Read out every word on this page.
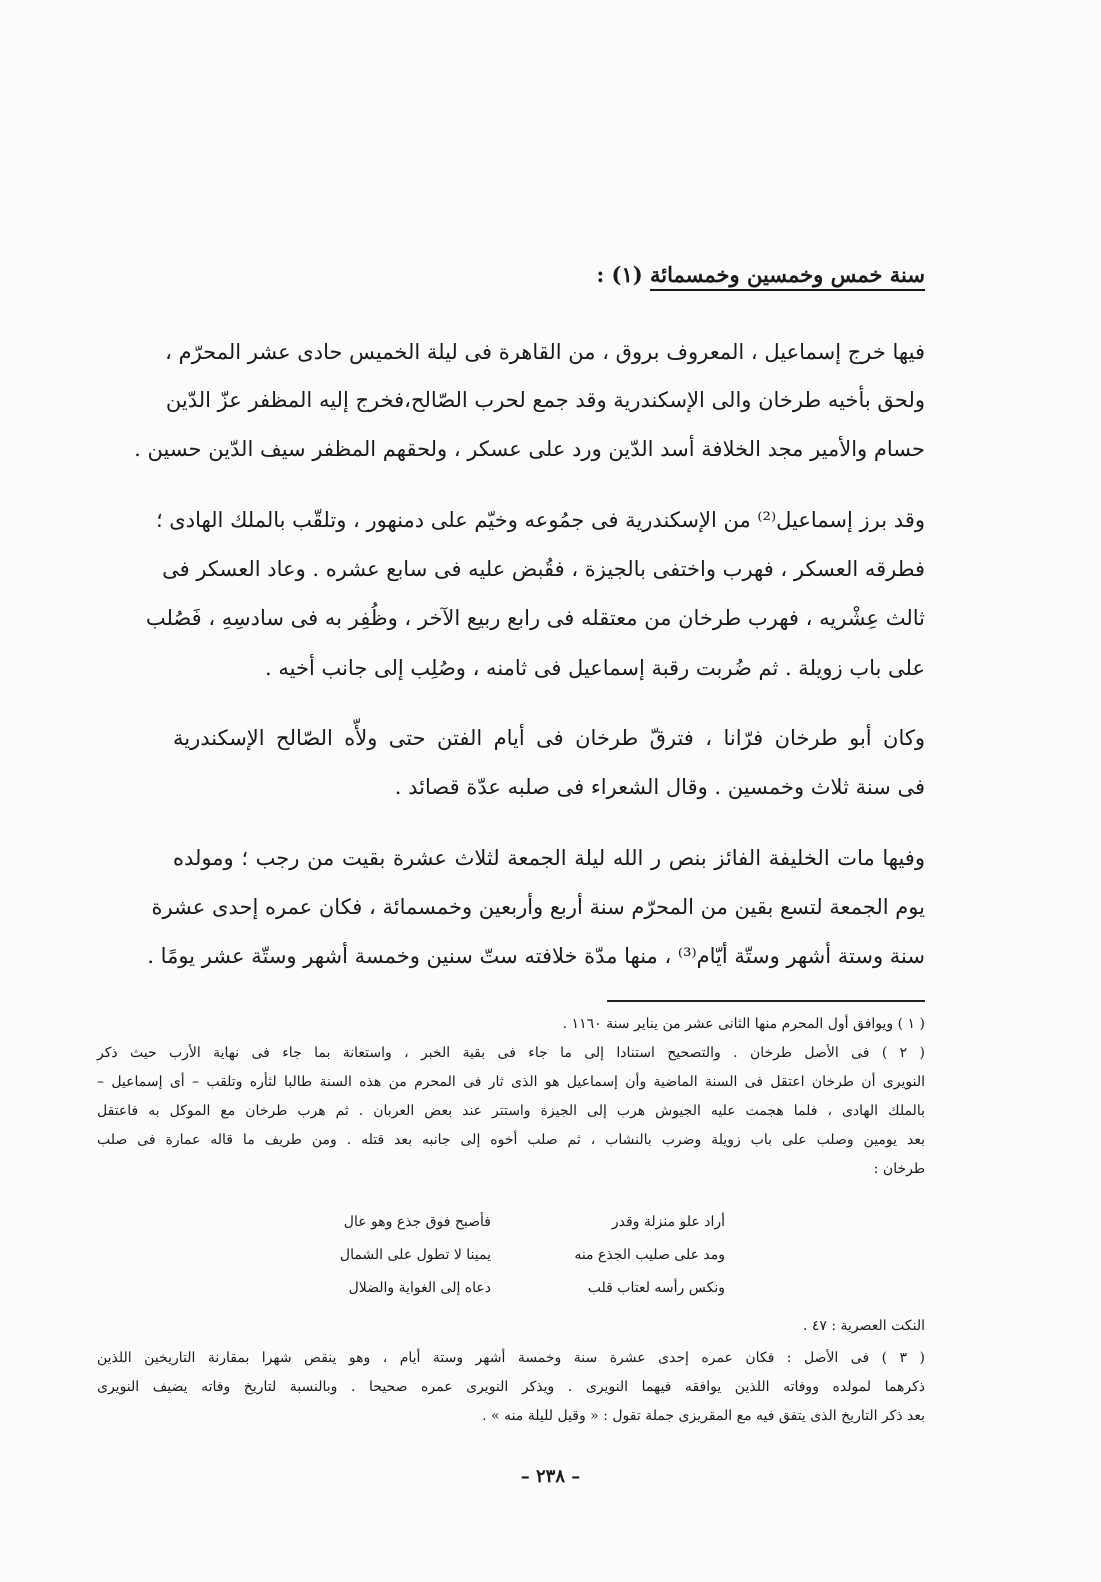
سنة خمس وخمسين وخمسمائة (١) :

فيها خرج إسماعيل ، المعروف بروق ، من القاهرة فى ليلة الخميس حادى عشر المحرّم ،

ولحق بأخيه طرخان والى الإسكندرية وقد جمع لحرب الصّالح،فخرج إليه المظفر عزّ الدّين

حسام والأمير مجد الخلافة أسد الدّين ورد على عسكر ، ولحقهم المظفر سيف الدّين حسين .

وقد برز إسماعيل⁽²⁾ من الإسكندرية فى جمُوعه وخيّم على دمنهور ، وتلقّب بالملك الهادى ؛

فطرقه العسكر ، فهرب واختفى بالجيزة ، فقُبض عليه فى سابع عشره . وعاد العسكر فى

ثالث عِشْريه ، فهرب طرخان من معتقله فى رابع ربيع الآخر ، وظُفِر به فى سادسِهِ ، فَصُلب

على باب زويلة . ثم ضُربت رقبة إسماعيل فى ثامنه ، وصُلِب إلى جانب أخيه .

وكان أبو طرخان فرّانا ، فترقّ طرخان فى أيام الفتن حتى ولأّه الصّالح الإسكندرية

فى سنة ثلاث وخمسين . وقال الشعراء فى صلبه عدّة قصائد .

وفيها مات الخليفة الفائز بنص ر الله ليلة الجمعة لثلاث عشرة بقيت من رجب ؛ ومولده

يوم الجمعة لتسع بقين من المحرّم سنة أربع وأربعين وخمسمائة ، فكان عمره إحدى عشرة

سنة وستة أشهر وستّة أيّام⁽³⁾ ، منها مدّة خلافته ستّ سنين وخمسة أشهر وستّة عشر يومًا .

( ١ ) ويوافق أول المحرم منها الثانى عشر من يناير سنة ١١٦٠ .

( ٢ ) فى الأصل طرخان . والتصحيح استنادا إلى ما جاء فى بقية الخبر ، واستعانة بما جاء فى نهاية الأرب حيث ذكر

النويرى أن طرخان اعتقل فى السنة الماضية وأن إسماعيل هو الذى ثار فى المحرم من هذه السنة طالبا لثأره وتلقب – أى إسماعيل –

بالملك الهادى ، فلما هجمت عليه الجيوش هرب إلى الجيزة واستتر عند بعض العربان . ثم هرب طرخان مع الموكل به فاعتقل

بعد يومين وصلب على باب زويلة وضرب بالنشاب ، ثم صلب أخوه إلى جانبه بعد قتله . ومن طريف ما قاله عمارة فى صلب

طرخان :

أراد علو منزلة وقدر
فأصبح فوق جذع وهو عال
ومد على صليب الجذع منه
يمينا لا تطول على الشمال
ونكس رأسه لعتاب قلب
دعاه إلى الغواية والضلال

النكت العصرية : ٤٧ .

( ٣ ) فى الأصل : فكان عمره إحدى عشرة سنة وخمسة أشهر وستة أيام ، وهو ينقص شهرا بمقارنة التاريخين اللذين

ذكرهما لمولده ووفاته اللذين يوافقه فيهما النويرى . ويذكر النويرى عمره صحيحا . وبالنسبة لتاريخ وفاته يضيف النويرى

بعد ذكر التاريخ الذى يتفق فيه مع المقريزى جملة تقول : « وقيل لليلة منه » .

– ٢٣٨ –
